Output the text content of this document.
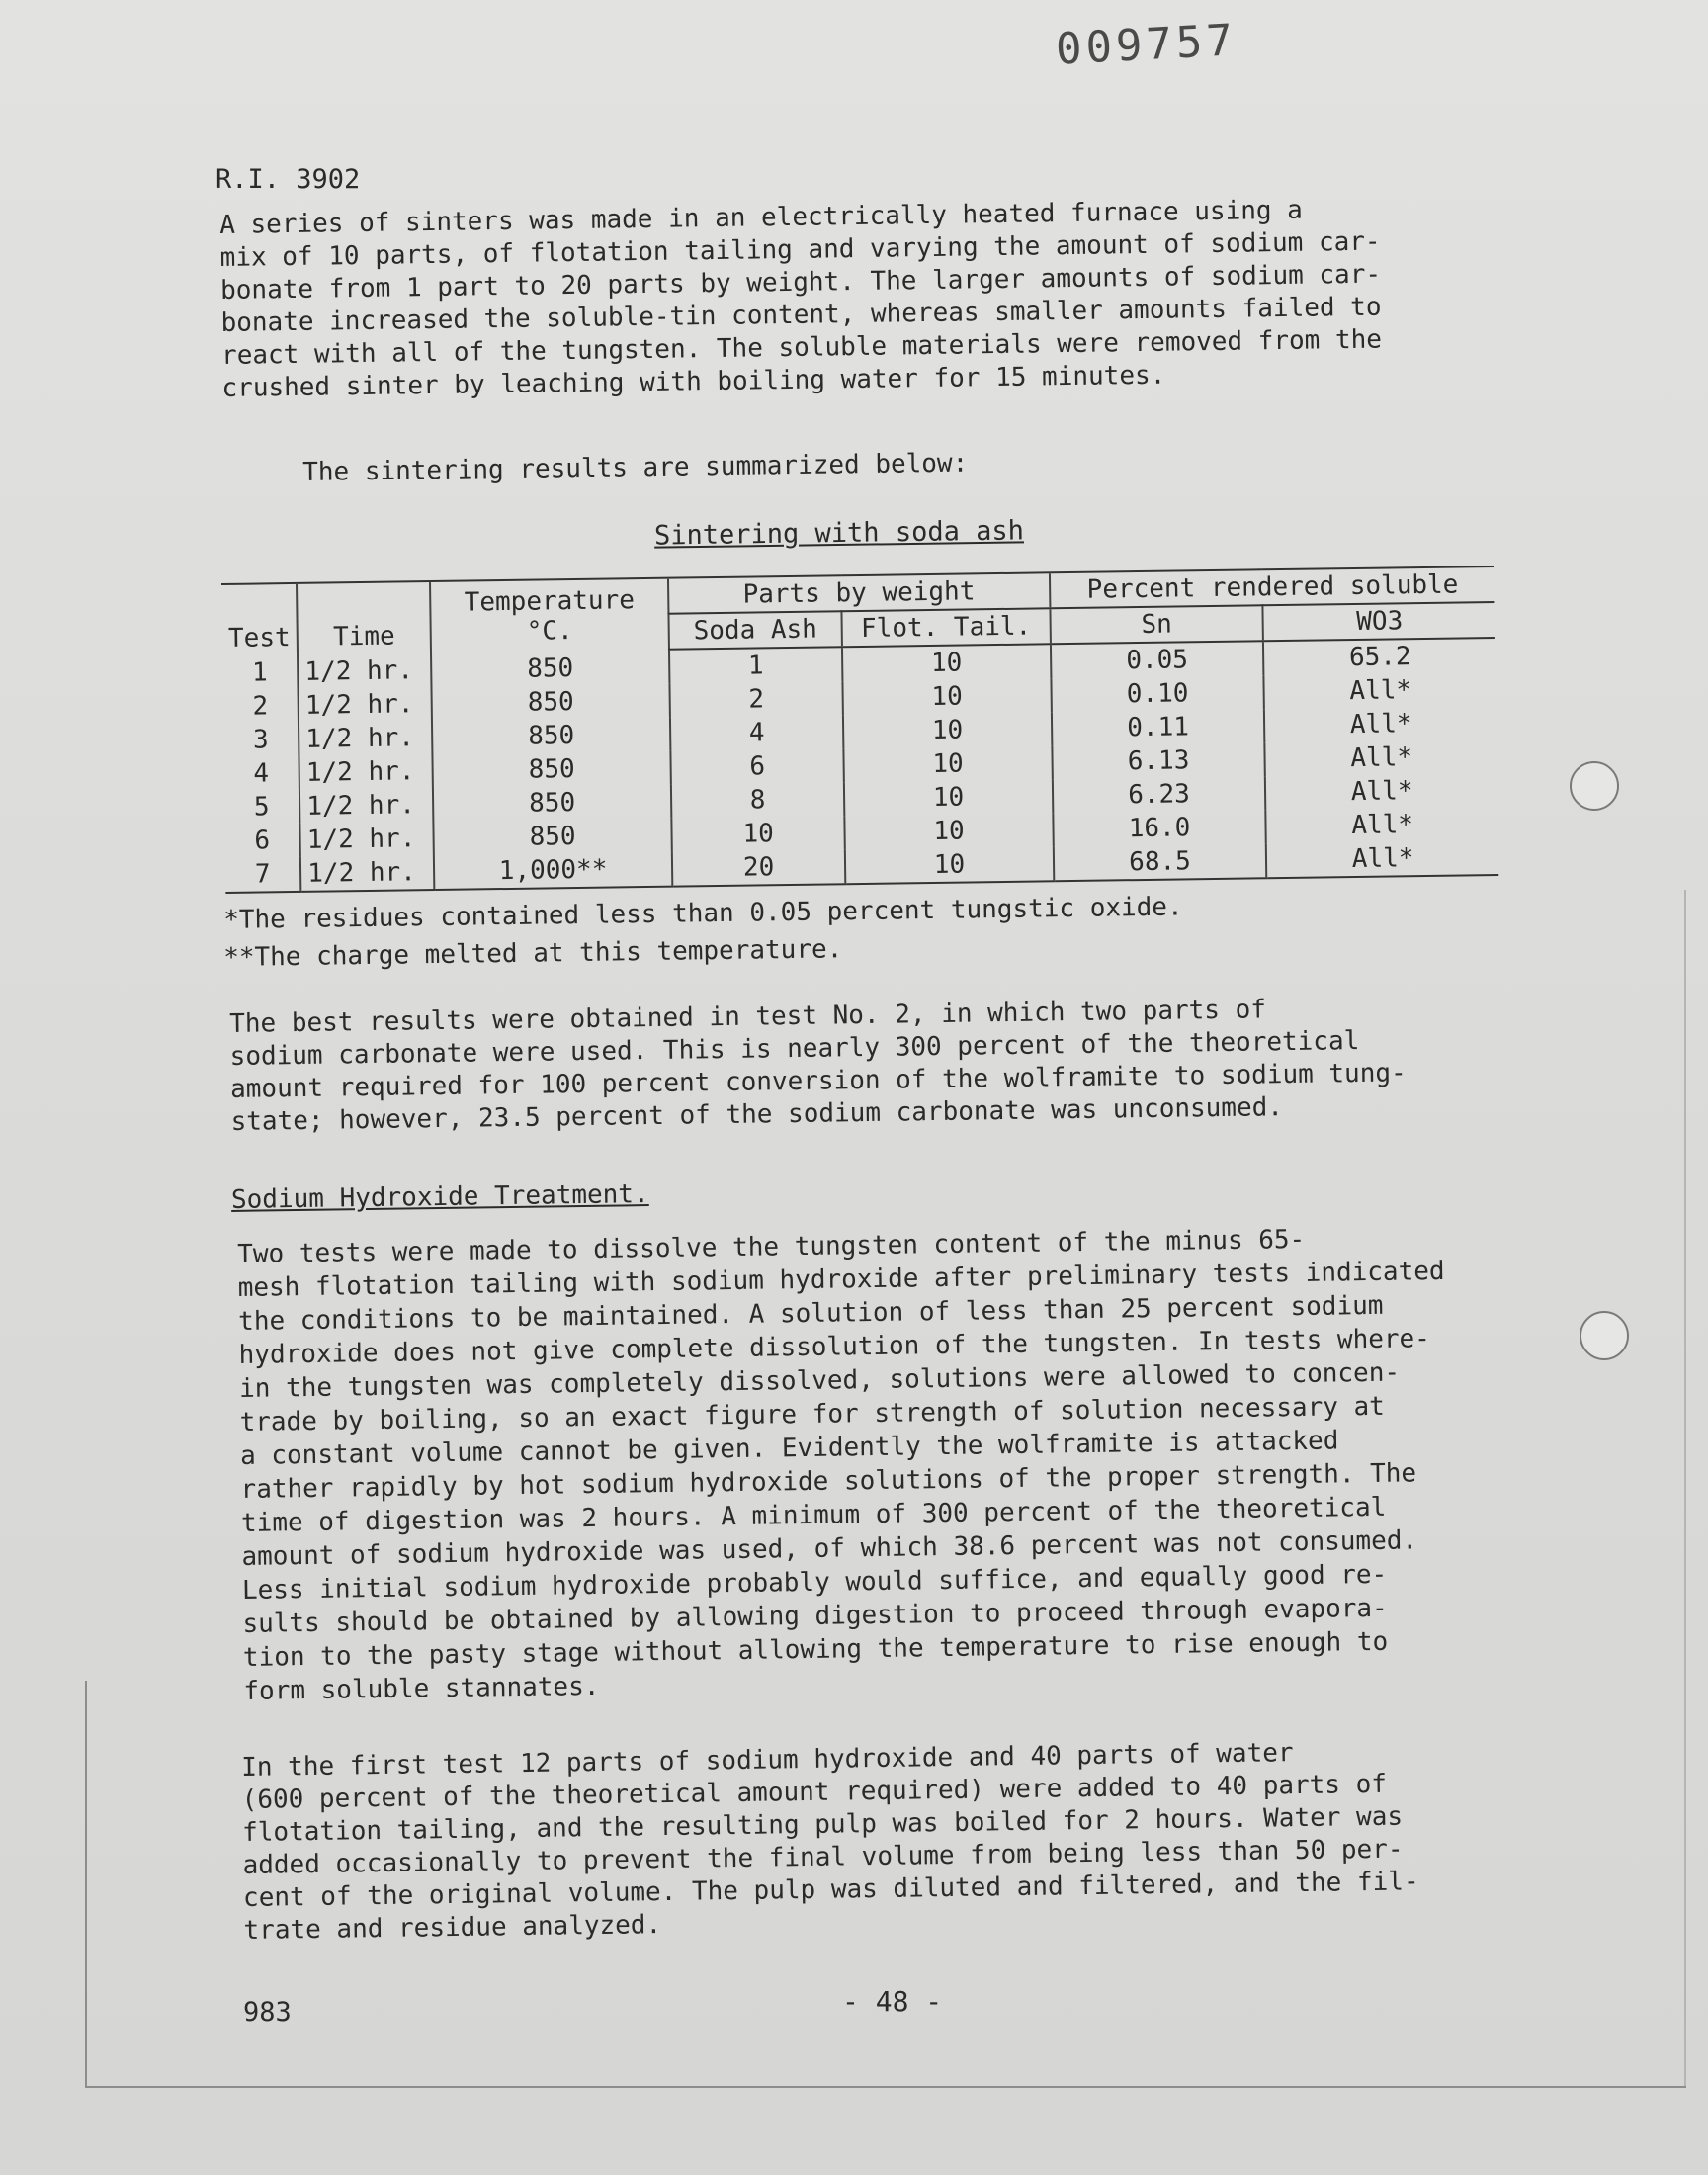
009757
R.I. 3902
A series of sinters was made in an electrically heated furnace using a
mix of 10 parts, of flotation tailing and varying the amount of sodium car-
bonate from 1 part to 20 parts by weight. The larger amounts of sodium car-
bonate increased the soluble-tin content, whereas smaller amounts failed to
react with all of the tungsten. The soluble materials were removed from the
crushed sinter by leaching with boiling water for 15 minutes.
The sintering results are summarized below:
Sintering with soda ash
Test	Time	Temperature
°C.	Parts by weight		Percent rendered soluble	
			Soda Ash	Flot. Tail.	Sn	WO3
1	1/2 hr.	850	1	10	0.05	65.2
2	1/2 hr.	850	2	10	0.10	All*
3	1/2 hr.	850	4	10	0.11	All*
4	1/2 hr.	850	6	10	6.13	All*
5	1/2 hr.	850	8	10	6.23	All*
6	1/2 hr.	850	10	10	16.0	All*
7	1/2 hr.	1,000**	20	10	68.5	All*
*The residues contained less than 0.05 percent tungstic oxide.
**The charge melted at this temperature.
The best results were obtained in test No. 2, in which two parts of
sodium carbonate were used. This is nearly 300 percent of the theoretical
amount required for 100 percent conversion of the wolframite to sodium tung-
state; however, 23.5 percent of the sodium carbonate was unconsumed.
Sodium Hydroxide Treatment.
Two tests were made to dissolve the tungsten content of the minus 65-
mesh flotation tailing with sodium hydroxide after preliminary tests indicated
the conditions to be maintained. A solution of less than 25 percent sodium
hydroxide does not give complete dissolution of the tungsten. In tests where-
in the tungsten was completely dissolved, solutions were allowed to concen-
trade by boiling, so an exact figure for strength of solution necessary at
a constant volume cannot be given. Evidently the wolframite is attacked
rather rapidly by hot sodium hydroxide solutions of the proper strength. The
time of digestion was 2 hours. A minimum of 300 percent of the theoretical
amount of sodium hydroxide was used, of which 38.6 percent was not consumed.
Less initial sodium hydroxide probably would suffice, and equally good re-
sults should be obtained by allowing digestion to proceed through evapora-
tion to the pasty stage without allowing the temperature to rise enough to
form soluble stannates.
In the first test 12 parts of sodium hydroxide and 40 parts of water
(600 percent of the theoretical amount required) were added to 40 parts of
flotation tailing, and the resulting pulp was boiled for 2 hours. Water was
added occasionally to prevent the final volume from being less than 50 per-
cent of the original volume. The pulp was diluted and filtered, and the fil-
trate and residue analyzed.
983	- 48 -
